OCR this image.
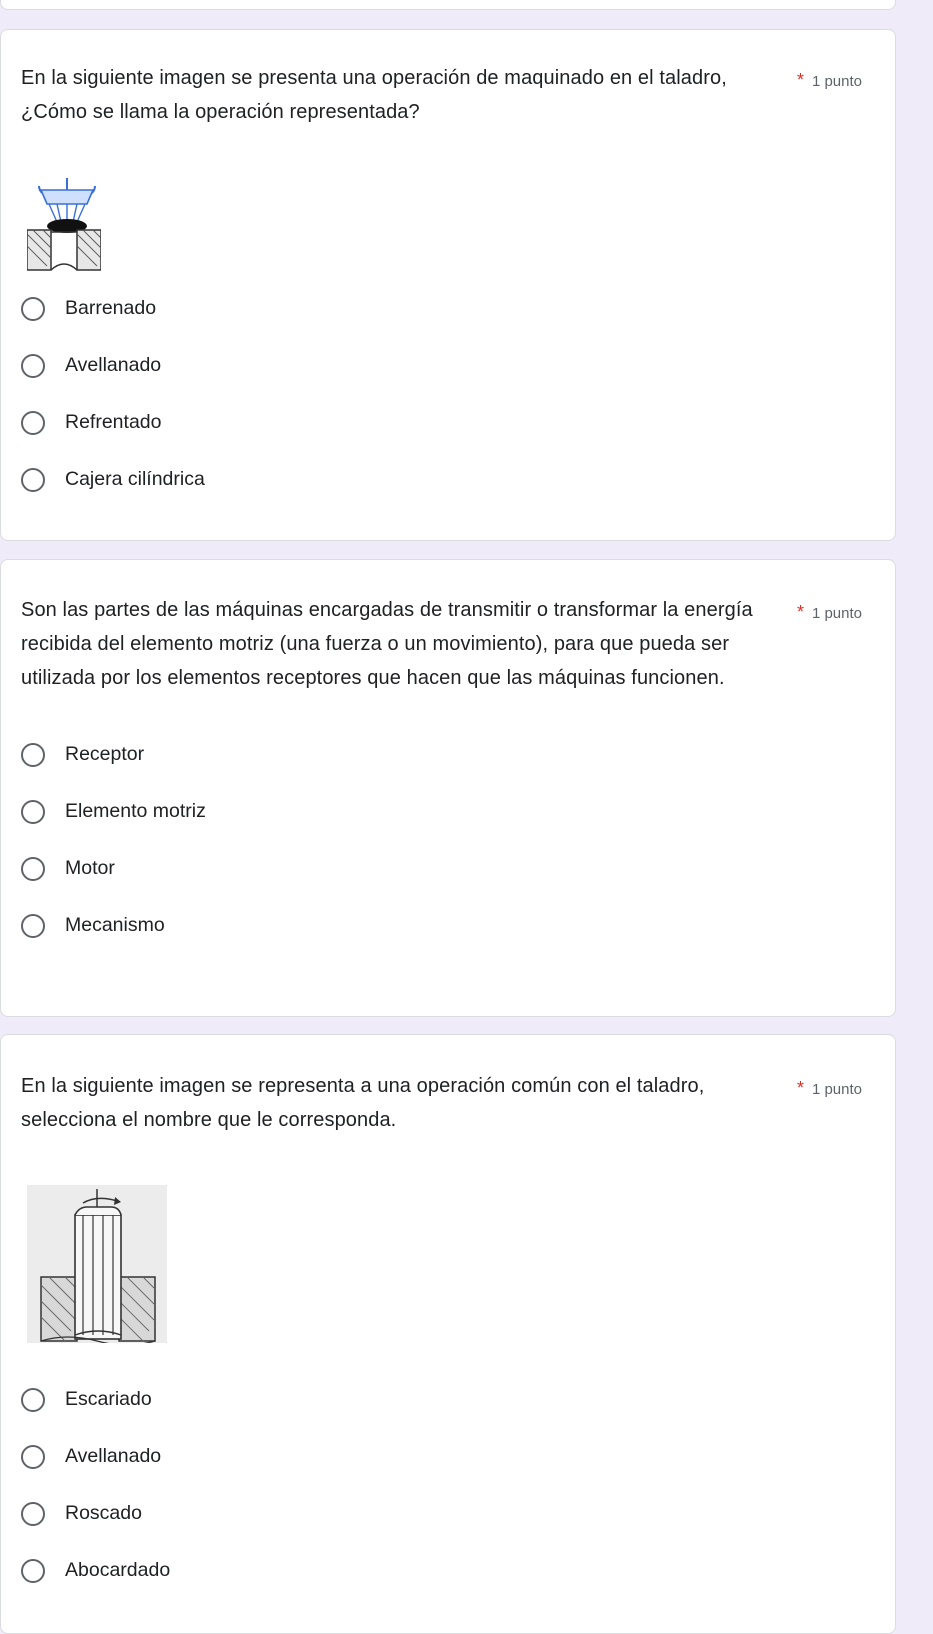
En la siguiente imagen se presenta una operación de maquinado en el taladro, ¿Cómo se llama la operación representada?
* 1 punto
Barrenado
Avellanado
Refrentado
Cajera cilíndrica
Son las partes de las máquinas encargadas de transmitir o transformar la energía recibida del elemento motriz (una fuerza o un movimiento), para que pueda ser utilizada por los elementos receptores que hacen que las máquinas funcionen.
* 1 punto
Receptor
Elemento motriz
Motor
Mecanismo
En la siguiente imagen se representa a una operación común con el taladro, selecciona el nombre que le corresponda.
* 1 punto
Escariado
Avellanado
Roscado
Abocardado
